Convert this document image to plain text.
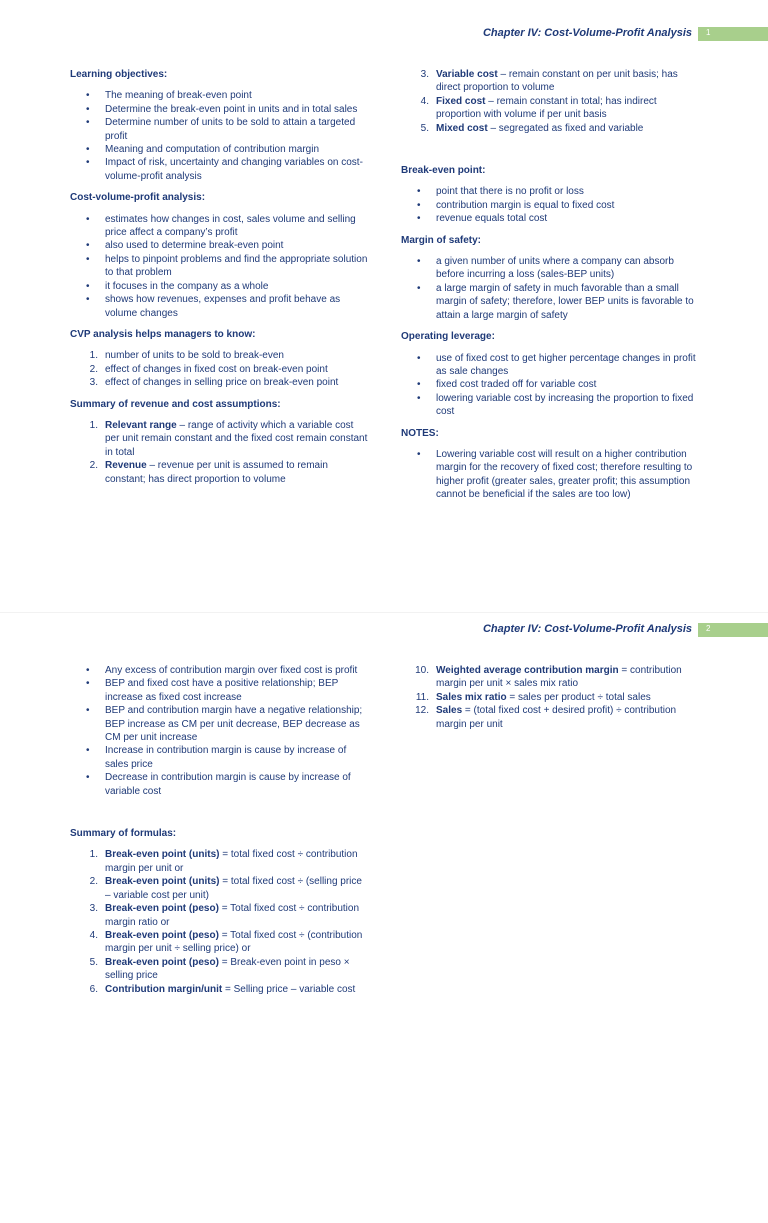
Chapter IV: Cost-Volume-Profit Analysis 1

Learning objectives:

• The meaning of break-even point
• Determine the break-even point in units and in total sales
• Determine number of units to be sold to attain a targeted profit
• Meaning and computation of contribution margin
• Impact of risk, uncertainty and changing variables on cost-volume-profit analysis

Cost-volume-profit analysis:

• estimates how changes in cost, sales volume and selling price affect a company’s profit
• also used to determine break-even point
• helps to pinpoint problems and find the appropriate solution to that problem
• it focuses in the company as a whole
• shows how revenues, expenses and profit behave as volume changes

CVP analysis helps managers to know:

1. number of units to be sold to break-even
2. effect of changes in fixed cost on break-even point
3. effect of changes in selling price on break-even point

Summary of revenue and cost assumptions:

1. Relevant range – range of activity which a variable cost per unit remain constant and the fixed cost remain constant in total
2. Revenue – revenue per unit is assumed to remain constant; has direct proportion to volume
3. Variable cost – remain constant on per unit basis; has direct proportion to volume
4. Fixed cost – remain constant in total; has indirect proportion with volume if per unit basis
5. Mixed cost – segregated as fixed and variable

Break-even point:

• point that there is no profit or loss
• contribution margin is equal to fixed cost
• revenue equals total cost

Margin of safety:

• a given number of units where a company can absorb before incurring a loss (sales-BEP units)
• a large margin of safety in much favorable than a small margin of safety; therefore, lower BEP units is favorable to attain a large margin of safety

Operating leverage:

• use of fixed cost to get higher percentage changes in profit as sale changes
• fixed cost traded off for variable cost
• lowering variable cost by increasing the proportion to fixed cost

NOTES:

• Lowering variable cost will result on a higher contribution margin for the recovery of fixed cost; therefore resulting to higher profit (greater sales, greater profit; this assumption cannot be beneficial if the sales are too low)
Chapter IV: Cost-Volume-Profit Analysis 2
• Any excess of contribution margin over fixed cost is profit
• BEP and fixed cost have a positive relationship; BEP increase as fixed cost increase
• BEP and contribution margin have a negative relationship; BEP increase as CM per unit decrease, BEP decrease as CM per unit increase
• Increase in contribution margin is cause by increase of sales price
• Decrease in contribution margin is cause by increase of variable cost

Summary of formulas:

1. Break-even point (units) = total fixed cost ÷ contribution margin per unit or
2. Break-even point (units) = total fixed cost ÷ (selling price – variable cost per unit)
3. Break-even point (peso) = Total fixed cost ÷ contribution margin ratio or
4. Break-even point (peso) = Total fixed cost ÷ (contribution margin per unit ÷ selling price) or
5. Break-even point (peso) = Break-even point in peso × selling price
6. Contribution margin/unit = Selling price – variable cost
10. Weighted average contribution margin = contribution margin per unit × sales mix ratio
11. Sales mix ratio = sales per product ÷ total sales
12. Sales = (total fixed cost + desired profit) ÷ contribution margin per unit
